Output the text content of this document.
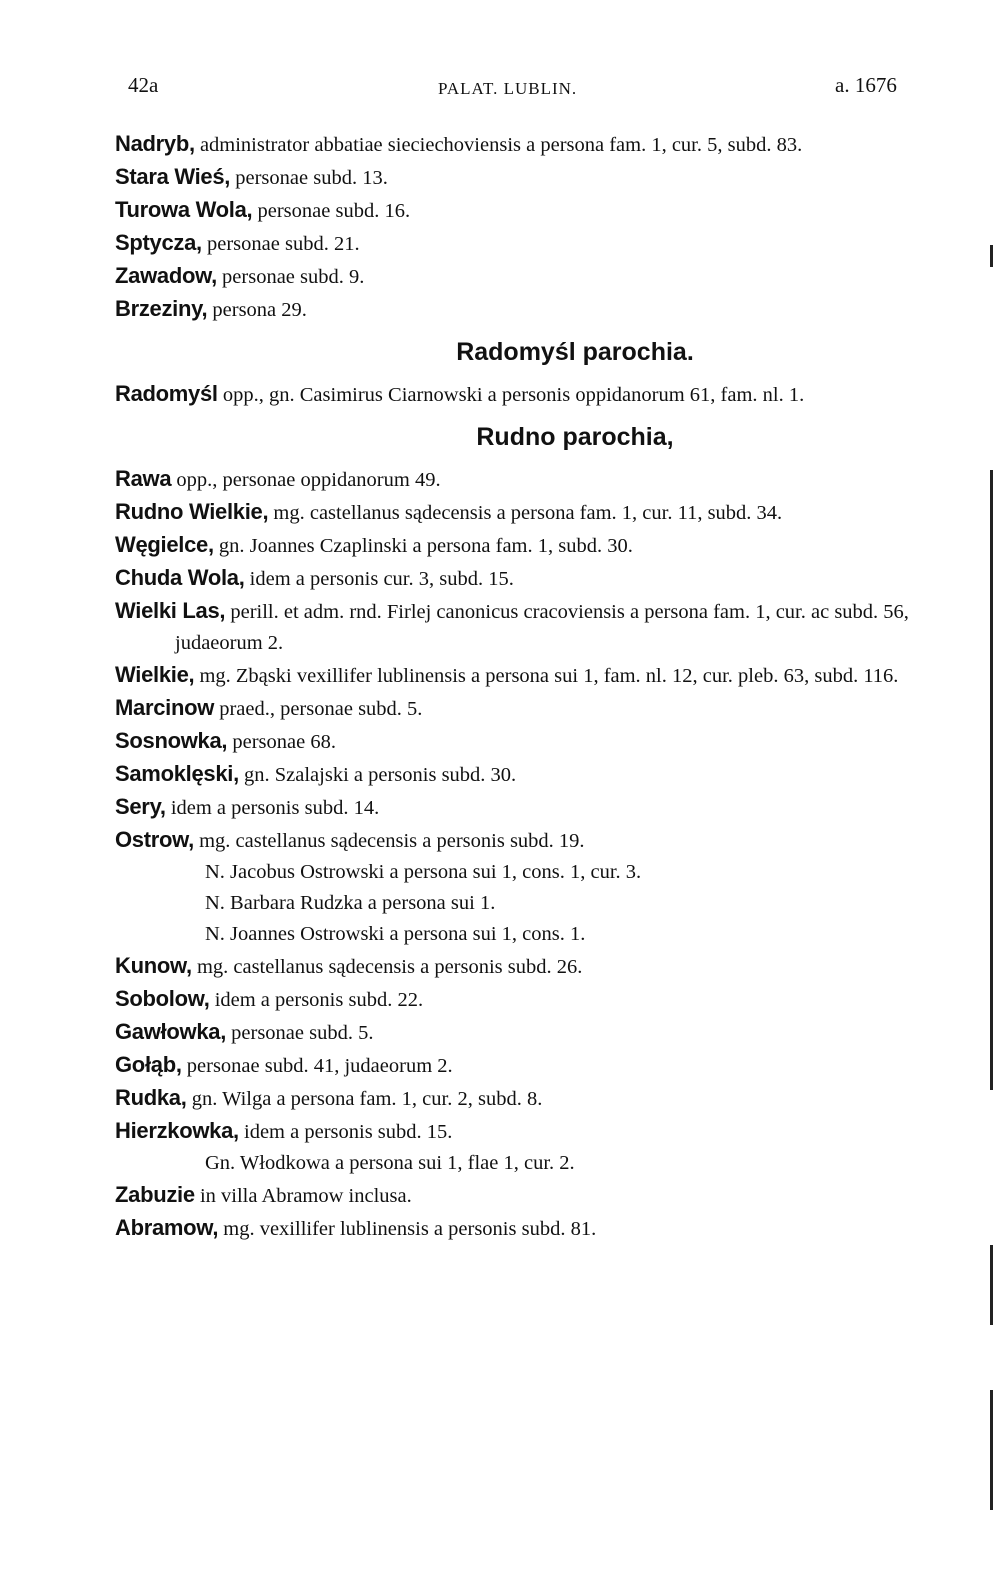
42a	PALAT. LUBLIN.	a. 1676
Nadryb, administrator abbatiae sieciechoviensis a persona fam. 1, cur. 5, subd. 83.
Stara Wieś, personae subd. 13.
Turowa Wola, personae subd. 16.
Sptycza, personae subd. 21.
Zawadow, personae subd. 9.
Brzeziny, persona 29.
Radomyśl parochia.
Radomyśl opp., gn. Casimirus Ciarnowski a personis oppidanorum 61, fam. nl. 1.
Rudno parochia,
Rawa opp., personae oppidanorum 49.
Rudno Wielkie, mg. castellanus sądecensis a persona fam. 1, cur. 11, subd. 34.
Węgielce, gn. Joannes Czaplinski a persona fam. 1, subd. 30.
Chuda Wola, idem a personis cur. 3, subd. 15.
Wielki Las, perill. et adm. rnd. Firlej canonicus cracoviensis a persona fam. 1, cur. ac subd. 56, judaeorum 2.
Wielkie, mg. Zbąski vexillifer lublinensis a persona sui 1, fam. nl. 12, cur. pleb. 63, subd. 116.
Marcinow praed., personae subd. 5.
Sosnowka, personae 68.
Samoklęski, gn. Szalajski a personis subd. 30.
Sery, idem a personis subd. 14.
Ostrow, mg. castellanus sądecensis a personis subd. 19.
N. Jacobus Ostrowski a persona sui 1, cons. 1, cur. 3.
N. Barbara Rudzka a persona sui 1.
N. Joannes Ostrowski a persona sui 1, cons. 1.
Kunow, mg. castellanus sądecensis a personis subd. 26.
Sobolow, idem a personis subd. 22.
Gawłowka, personae subd. 5.
Gołąb, personae subd. 41, judaeorum 2.
Rudka, gn. Wilga a persona fam. 1, cur. 2, subd. 8.
Hierzkowka, idem a personis subd. 15.
Gn. Włodkowa a persona sui 1, flae 1, cur. 2.
Zabuzie in villa Abramow inclusa.
Abramow, mg. vexillifer lublinensis a personis subd. 81.
